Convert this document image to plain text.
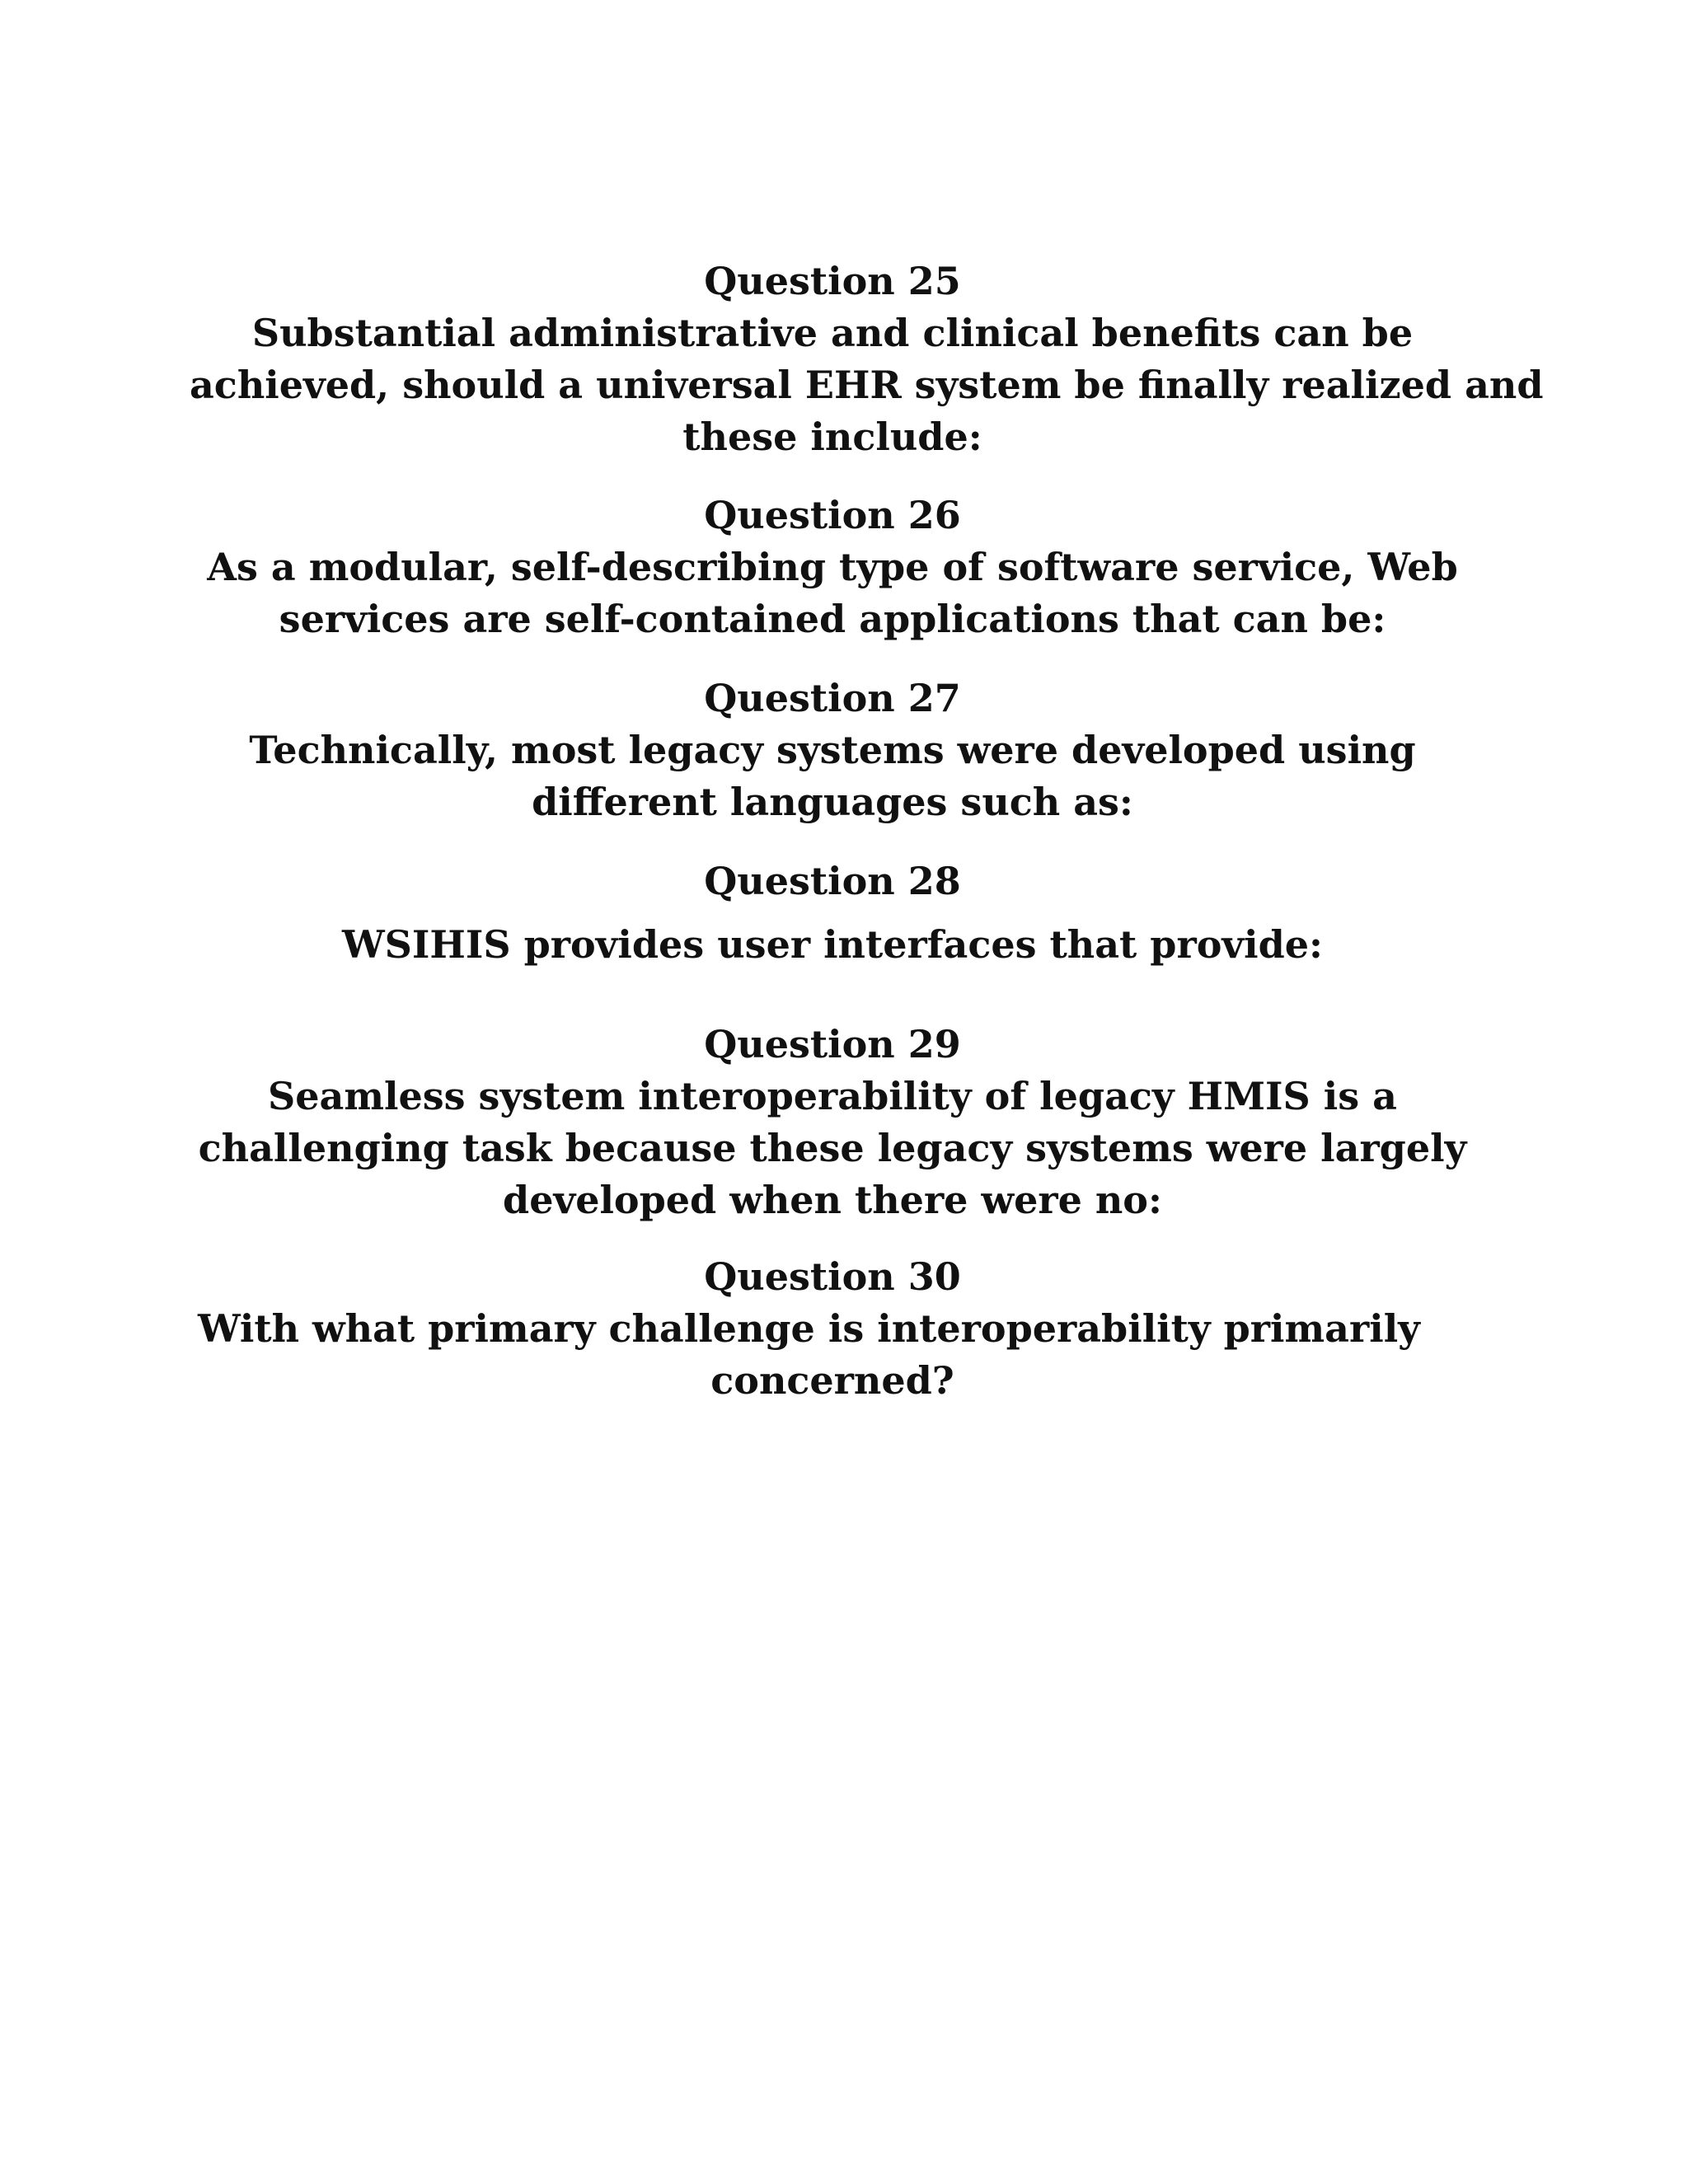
Question 25
Substantial administrative and clinical benefits can be
achieved, should a universal EHR system be finally realized and
these include:
Question 26
As a modular, self-describing type of software service, Web
services are self-contained applications that can be:
Question 27
Technically, most legacy systems were developed using
different languages such as:
Question 28
WSIHIS provides user interfaces that provide:
Question 29
Seamless system interoperability of legacy HMIS is a
challenging task because these legacy systems were largely
developed when there were no:
Question 30
With what primary challenge is interoperability primarily
concerned?
